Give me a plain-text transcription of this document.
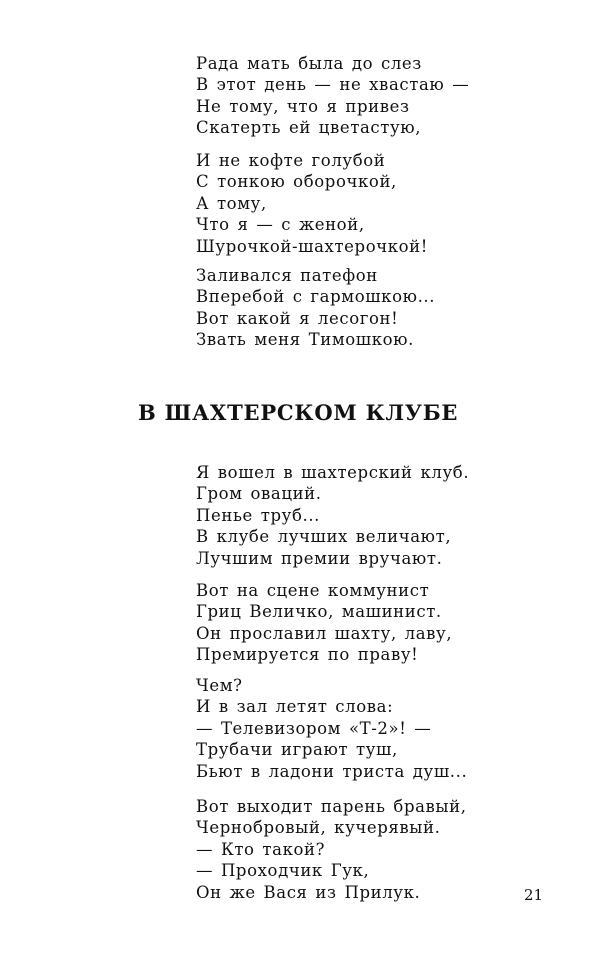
Рада мать была до слез
В этот день — не хвастаю —
Не тому, что я привез
Скатерть ей цветастую,
И не кофте голубой
С тонкою оборочкой,
А тому,
Что я — с женой,
Шурочкой-шахтерочкой!
Заливался патефон
Вперебой с гармошкою...
Вот какой я лесогон!
Звать меня Тимошкою.
В ШАХТЕРСКОМ КЛУБЕ
Я вошел в шахтерский клуб.
Гром оваций.
Пенье труб...
В клубе лучших величают,
Лучшим премии вручают.
Вот на сцене коммунист
Гриц Величко, машинист.
Он прославил шахту, лаву,
Премируется по праву!
Чем?
И в зал летят слова:
— Телевизором «Т-2»! —
Трубачи играют туш,
Бьют в ладони триста душ...
Вот выходит парень бравый,
Чернобровый, кучерявый.
— Кто такой?
— Проходчик Гук,
Он же Вася из Прилук.	21
